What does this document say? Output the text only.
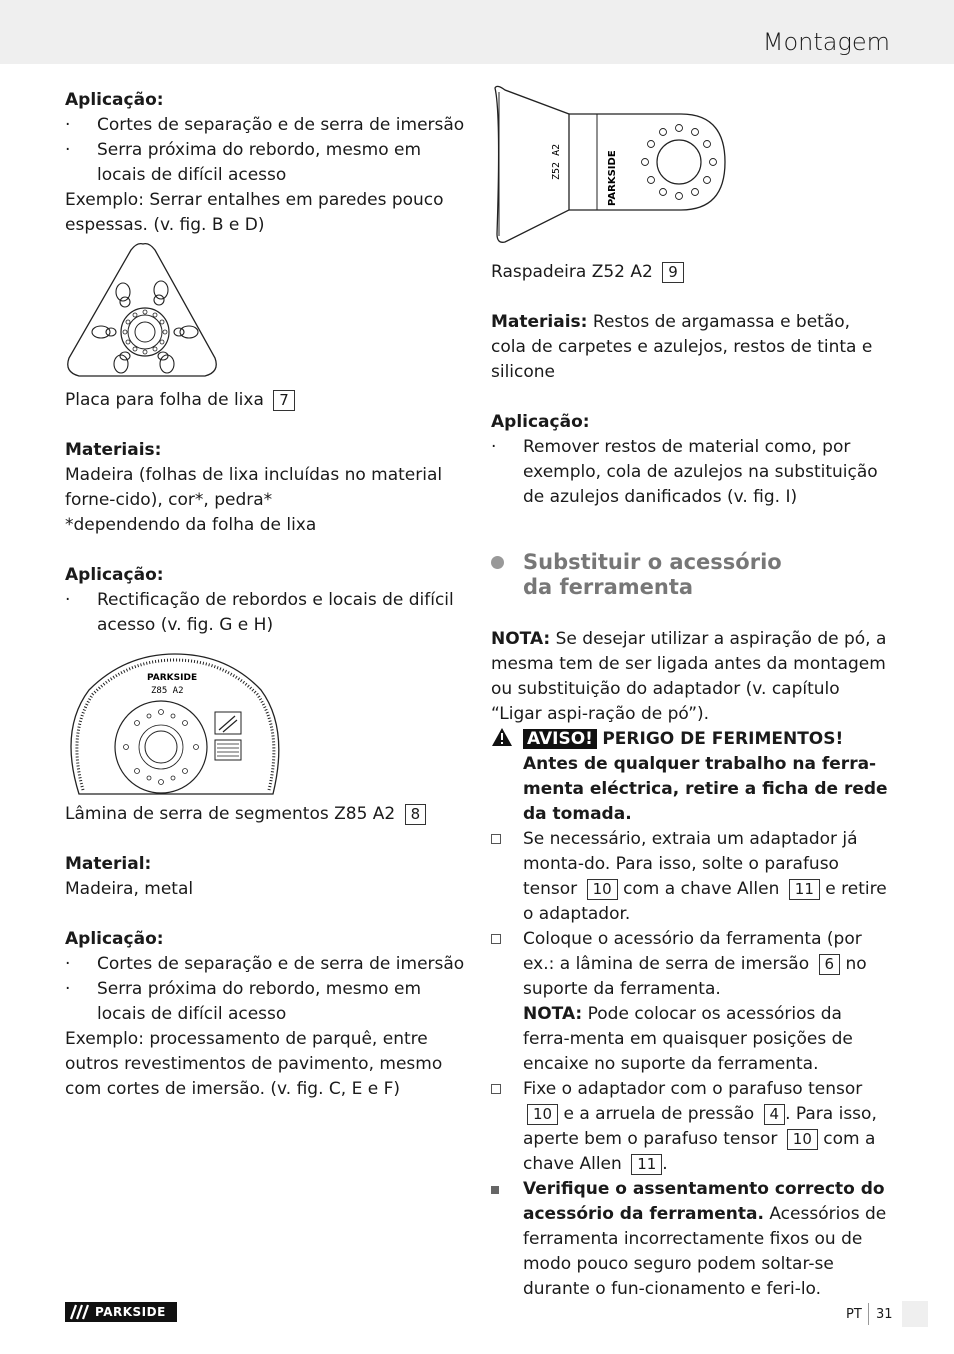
Montagem

Aplicação:

·	Cortes de separação e de serra de imersão
·	Serra próxima do rebordo, mesmo em locais de difícil acesso

Exemplo: Serrar entalhes em paredes pouco espessas. (v. fig. B e D)

Placa para folha de lixa 7

Materiais:

Madeira (folhas de lixa incluídas no material forne-cido), cor*, pedra*

*dependendo da folha de lixa

Aplicação:

·	Rectificação de rebordos e locais de difícil acesso (v. fig. G e H)
PARKSIDE
Z85 A2

Lâmina de serra de segmentos Z85 A2 8

Material:

Madeira, metal

Aplicação:

·	Cortes de separação e de serra de imersão
·	Serra próxima do rebordo, mesmo em locais de difícil acesso

Exemplo: processamento de parquê, entre outros revestimentos de pavimento, mesmo com cortes de imersão. (v. fig. C, E e F)

Z52 A2	PARKSIDE

Raspadeira Z52 A2 9

Materiais: Restos de argamassa e betão, cola de carpetes e azulejos, restos de tinta e silicone

Aplicação:

·	Remover restos de material como, por exemplo, cola de azulejos na substituição de azulejos danificados (v. fig. I)
Substituir o acessório
da ferramenta

NOTA: Se desejar utilizar a aspiração de pó, a mesma tem de ser ligada antes da montagem ou substituição do adaptador (v. capítulo “Ligar aspi-ração de pó”).

AVISO! PERIGO DE FERIMENTOS! Antes de qualquer trabalho na ferra-menta eléctrica, retire a ficha de rede da tomada.
Se necessário, extraia um adaptador já monta-do. Para isso, solte o parafuso tensor 10 com a chave Allen 11 e retire o adaptador.
Coloque o acessório da ferramenta (por ex.: a lâmina de serra de imersão 6 no suporte da ferramenta.
NOTA: Pode colocar os acessórios da ferra-menta em quaisquer posições de encaixe no suporte da ferramenta.
Fixe o adaptador com o parafuso tensor 10 e a arruela de pressão 4 . Para isso, aperte bem o parafuso tensor 10 com a chave Allen 11 .
Verifique o assentamento correcto do acessório da ferramenta. Acessórios de ferramenta incorrectamente fixos ou de modo pouco seguro podem soltar-se durante o fun-cionamento e feri-lo.
PARKSIDE	PT 31
